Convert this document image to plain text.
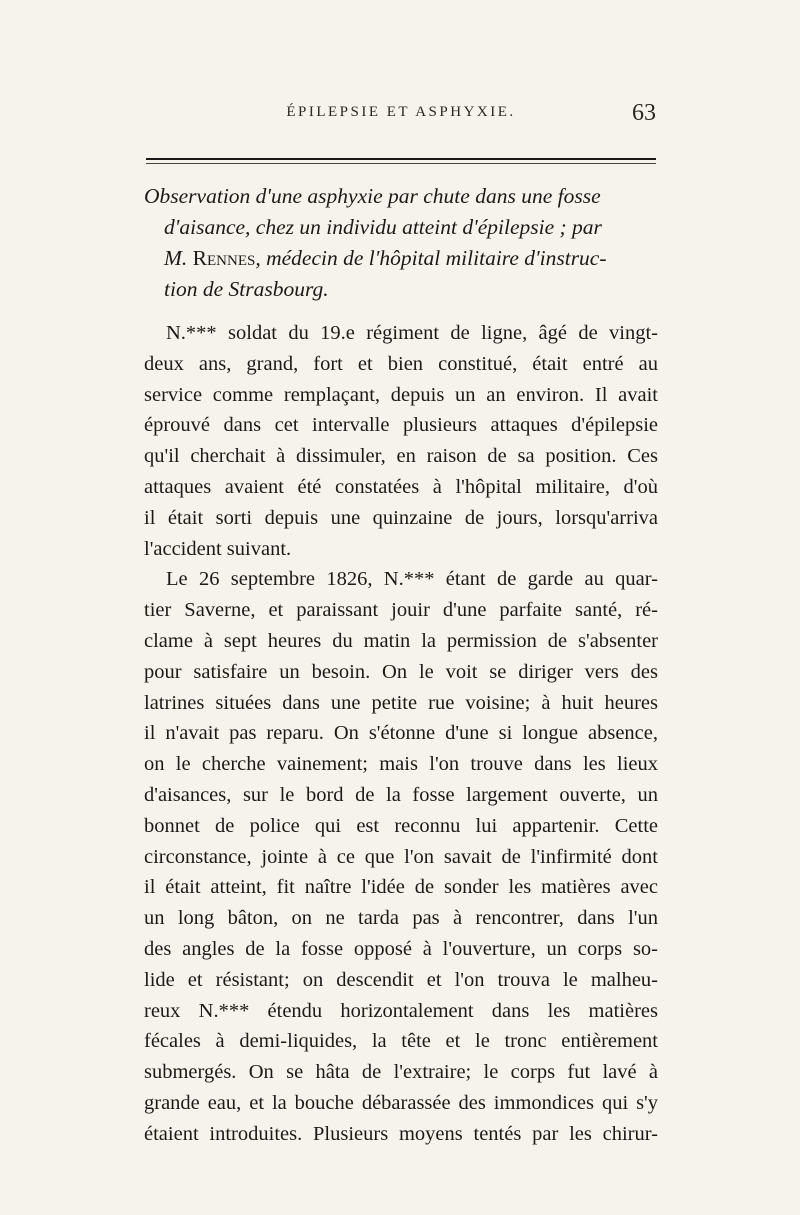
ÉPILEPSIE ET ASPHYXIE.	63
Observation d'une asphyxie par chute dans une fosse
d'aisance, chez un individu atteint d'épilepsie ; par
M. Rennes, médecin de l'hôpital militaire d'instruc-
tion de Strasbourg.
N.*** soldat du 19.e régiment de ligne, âgé de vingt-
deux ans, grand, fort et bien constitué, était entré au
service comme remplaçant, depuis un an environ. Il avait
éprouvé dans cet intervalle plusieurs attaques d'épilepsie
qu'il cherchait à dissimuler, en raison de sa position. Ces
attaques avaient été constatées à l'hôpital militaire, d'où
il était sorti depuis une quinzaine de jours, lorsqu'arriva
l'accident suivant.
Le 26 septembre 1826, N.*** étant de garde au quar-
tier Saverne, et paraissant jouir d'une parfaite santé, ré-
clame à sept heures du matin la permission de s'absenter
pour satisfaire un besoin. On le voit se diriger vers des
latrines situées dans une petite rue voisine; à huit heures
il n'avait pas reparu. On s'étonne d'une si longue absence,
on le cherche vainement; mais l'on trouve dans les lieux
d'aisances, sur le bord de la fosse largement ouverte, un
bonnet de police qui est reconnu lui appartenir. Cette
circonstance, jointe à ce que l'on savait de l'infirmité dont
il était atteint, fit naître l'idée de sonder les matières avec
un long bâton, on ne tarda pas à rencontrer, dans l'un
des angles de la fosse opposé à l'ouverture, un corps so-
lide et résistant; on descendit et l'on trouva le malheu-
reux N.*** étendu horizontalement dans les matières
fécales à demi-liquides, la tête et le tronc entièrement
submergés. On se hâta de l'extraire; le corps fut lavé à
grande eau, et la bouche débarassée des immondices qui s'y
étaient introduites. Plusieurs moyens tentés par les chirur-
